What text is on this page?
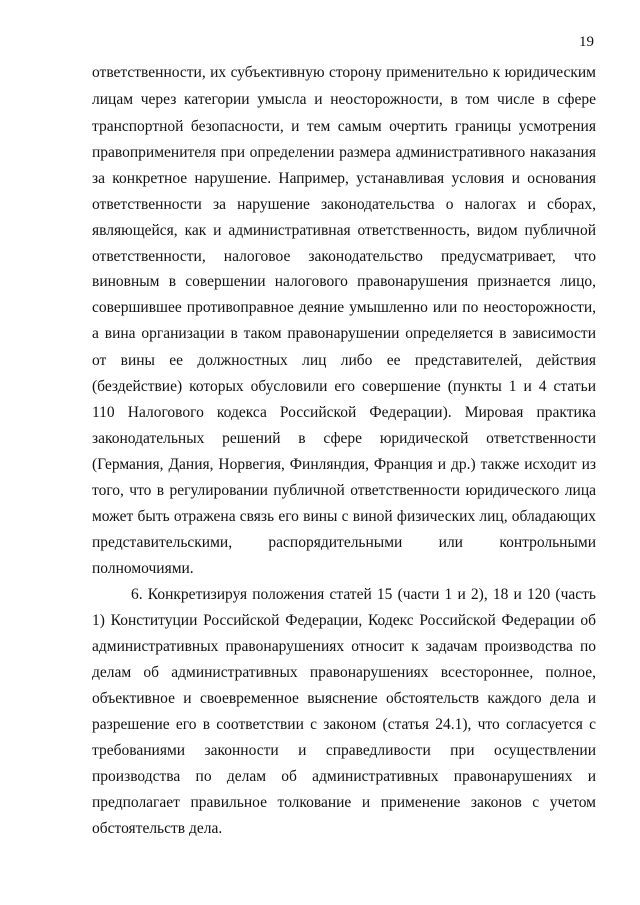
19
ответственности, их субъективную сторону применительно к юридическим
лицам через категории умысла и неосторожности, в том числе в сфере
транспортной безопасности, и тем самым очертить границы усмотрения
правоприменителя при определении размера административного наказания
за конкретное нарушение. Например, устанавливая условия и основания
ответственности за нарушение законодательства о налогах и сборах,
являющейся, как и административная ответственность, видом публичной
ответственности, налоговое законодательство предусматривает, что
виновным в совершении налогового правонарушения признается лицо,
совершившее противоправное деяние умышленно или по неосторожности,
а вина организации в таком правонарушении определяется в зависимости
от вины ее должностных лиц либо ее представителей, действия
(бездействие) которых обусловили его совершение (пункты 1 и 4 статьи
110 Налогового кодекса Российской Федерации). Мировая практика
законодательных решений в сфере юридической ответственности
(Германия, Дания, Норвегия, Финляндия, Франция и др.) также исходит из
того, что в регулировании публичной ответственности юридического лица
может быть отражена связь его вины с виной физических лиц, обладающих
представительскими, распорядительными или контрольными
полномочиями.
6. Конкретизируя положения статей 15 (части 1 и 2), 18 и 120 (часть
1) Конституции Российской Федерации, Кодекс Российской Федерации об
административных правонарушениях относит к задачам производства по
делам об административных правонарушениях всестороннее, полное,
объективное и своевременное выяснение обстоятельств каждого дела и
разрешение его в соответствии с законом (статья 24.1), что согласуется с
требованиями законности и справедливости при осуществлении
производства по делам об административных правонарушениях и
предполагает правильное толкование и применение законов с учетом
обстоятельств дела.
